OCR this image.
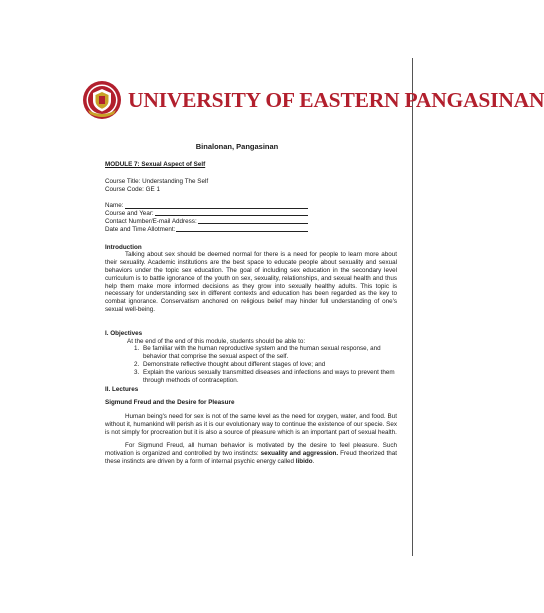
UNIVERSITY OF EASTERN PANGASINAN
Binalonan, Pangasinan
MODULE 7: Sexual Aspect of Self
Course Title: Understanding The Self
Course Code: GE 1
Name:
Course and Year:
Contact Number/E-mail Address:
Date and Time Allotment:
Introduction
Talking about sex should be deemed normal for there is a need for people to learn more about their sexuality. Academic institutions are the best space to educate people about sexuality and sexual behaviors under the topic sex education. The goal of including sex education in the secondary level curriculum is to battle ignorance of the youth on sex, sexuality, relationships, and sexual health and thus help them make more informed decisions as they grow into sexually healthy adults. This topic is necessary for understanding sex in different contexts and education has been regarded as the key to combat ignorance. Conservatism anchored on religious belief may hinder full understanding of one's sexual well-being.
I. Objectives
At the end of the end of this module, students should be able to:
1. Be familiar with the human reproductive system and the human sexual response, and behavior that comprise the sexual aspect of the self.
2. Demonstrate reflective thought about different stages of love; and
3. Explain the various sexually transmitted diseases and infections and ways to prevent them through methods of contraception.
II. Lectures
Sigmund Freud and the Desire for Pleasure
Human being's need for sex is not of the same level as the need for oxygen, water, and food. But without it, humankind will perish as it is our evolutionary way to continue the existence of our specie. Sex is not simply for procreation but it is also a source of pleasure which is an important part of sexual health.
For Sigmund Freud, all human behavior is motivated by the desire to feel pleasure. Such motivation is organized and controlled by two instincts: sexuality and aggression. Freud theorized that these instincts are driven by a form of internal psychic energy called libido.
